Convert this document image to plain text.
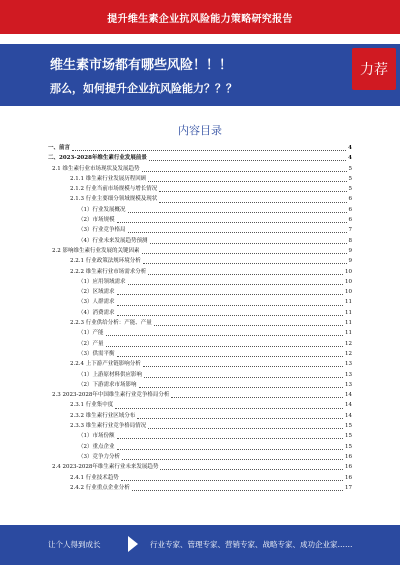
提升维生素企业抗风险能力策略研究报告
维生素市场都有哪些风险！！！
那么，如何提升企业抗风险能力？？？
力荐
内容目录
一、前言	4
二、2023-2028年维生素行业发展前景	4
2.1 维生素行业市场现状及发展趋势	5
2.1.1 维生素行业发展历程回顾	5
2.1.2 行业当前市场规模与增长情况	5
2.1.3 行业主要细分领域规模及现状	6
（1）行业发展概况	6
（2）市场规模	6
（3）行业竞争格局	7
（4）行业未来发展趋势预测	8
2.2 影响维生素行业发展的关键因素	9
2.2.1 行业政策法规环境分析	9
2.2.2 维生素行业市场需求分析	10
（1）应用领域需求	10
（2）区域需求	10
（3）人群需求	11
（4）消费需求	11
2.2.3 行业供给分析：产能、产量	11
（1）产能	11
（2）产量	12
（3）供需平衡	12
2.2.4 上下游产业链影响分析	13
（1）上游原材料供应影响	13
（2）下游需求市场影响	13
2.3 2023-2028年中国维生素行业竞争格局分析	14
2.3.1 行业集中度	14
2.3.2 维生素行业区域分布	14
2.3.3 维生素行业竞争格局情况	15
（1）市场份额	15
（2）重点企业	15
（3）竞争力分析	16
2.4 2023-2028年维生素行业未来发展趋势	16
2.4.1 行业技术趋势	16
2.4.2 行业重点企业分析	17
让个人得到成长	行业专家、管理专家、营销专家、战略专家、成功企业家……
